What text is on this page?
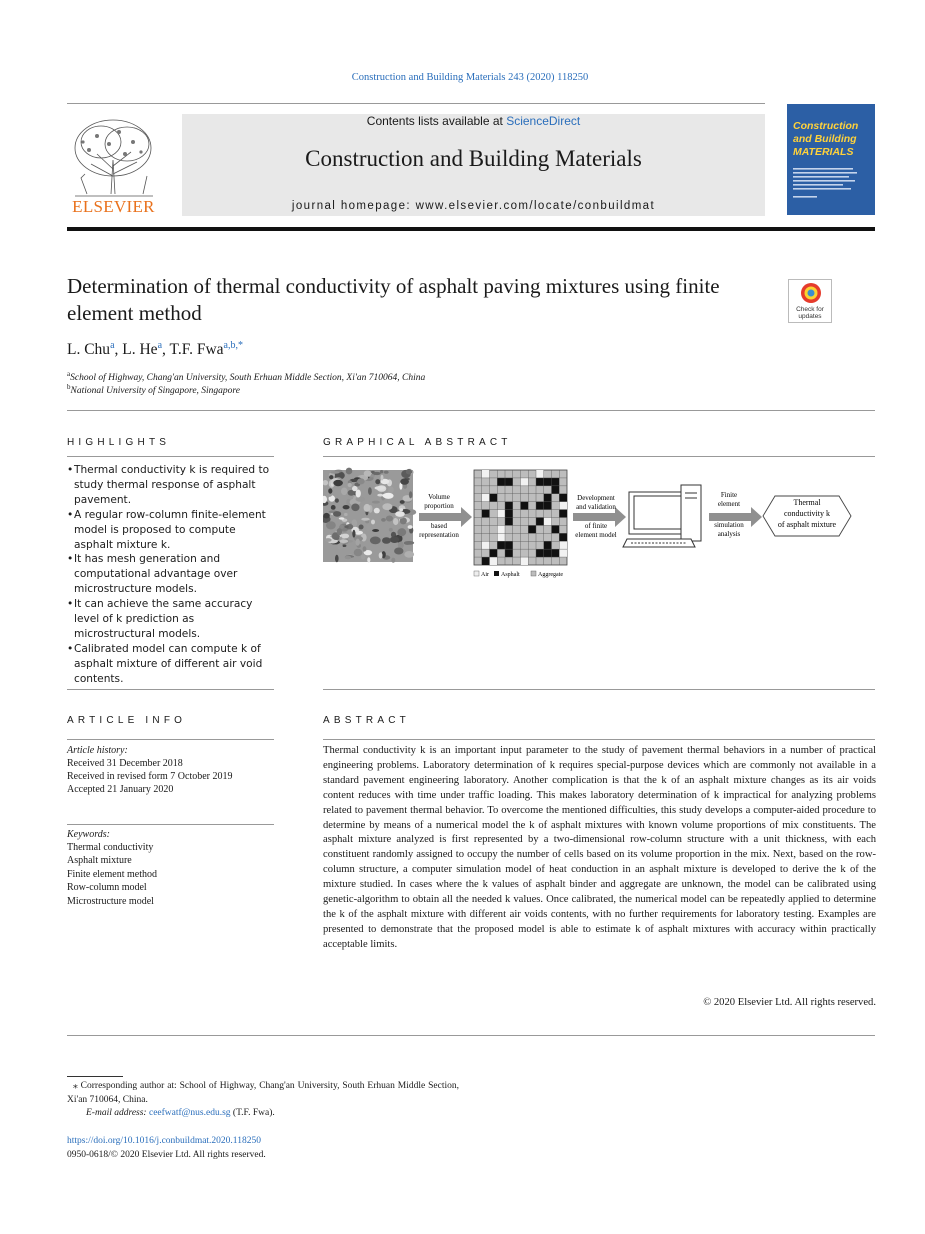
Construction and Building Materials 243 (2020) 118250
ELSEVIER
Contents lists available at ScienceDirect
Construction and Building Materials
journal homepage: www.elsevier.com/locate/conbuildmat
Construction
and Building
MATERIALS
Determination of thermal conductivity of asphalt paving mixtures using finite element method	Check for
updates
L. Chu$^a$, L. He$^a$, T.F. Fwa$^{a,b,*}$
$^a$School of Highway, Chang'an University, South Erhuan Middle Section, Xi'an 710064, China
$^b$National University of Singapore, Singapore
HIGHLIGHTS
• Thermal conductivity k is required to study thermal response of asphalt pavement.
• A regular row-column finite-element model is proposed to compute asphalt mixture k.
• It has mesh generation and computational advantage over microstructure models.
• It can achieve the same accuracy level of k prediction as microstructural models.
• Calibrated model can compute k of asphalt mixture of different air void contents.
GRAPHICAL ABSTRACT
Volume
proportion
based
representation
Air Asphalt	Aggregate
Development
and validation
of finite
element model
Finite
element
simulation
analysis
Thermal
conductivity k
of asphalt mixture
ARTICLE INFO
Article history:
Received 31 December 2018
Received in revised form 7 October 2019
Accepted 21 January 2020
Keywords:
Thermal conductivity
Asphalt mixture
Finite element method
Row-column model
Microstructure model
ABSTRACT
Thermal conductivity k is an important input parameter to the study of pavement thermal behaviors in a number of practical engineering problems. Laboratory determination of k requires special-purpose devices which are commonly not available in a standard pavement engineering laboratory. Another complication is that the k of an asphalt mixture changes as its air voids content reduces with time under traffic loading. This makes laboratory determination of k impractical for analyzing problems related to pavement thermal behavior. To overcome the mentioned difficulties, this study develops a computer-aided procedure to determine by means of a numerical model the k of asphalt mixtures with known volume proportions of mix constituents. The asphalt mixture analyzed is first represented by a two-dimensional row-column structure with a unit thickness, with each constituent randomly assigned to occupy the number of cells based on its volume proportion in the mix. Next, based on the row-column structure, a computer simulation model of heat conduction in an asphalt mixture is developed to derive the k of the mixture studied. In cases where the k values of asphalt binder and aggregate are unknown, the model can be calibrated using genetic-algorithm to obtain all the needed k values. Once calibrated, the numerical model can be repeatedly applied to determine the k of the asphalt mixture with different air voids contents, with no further requirements for laboratory testing. Examples are presented to demonstrate that the proposed model is able to estimate k of asphalt mixtures with accuracy within practically acceptable limits.
© 2020 Elsevier Ltd. All rights reserved.
⁎ Corresponding author at: School of Highway, Chang'an University, South Erhuan Middle Section, Xi'an 710064, China.
E-mail address: ceefwatf@nus.edu.sg (T.F. Fwa).
https://doi.org/10.1016/j.conbuildmat.2020.118250
0950-0618/© 2020 Elsevier Ltd. All rights reserved.
